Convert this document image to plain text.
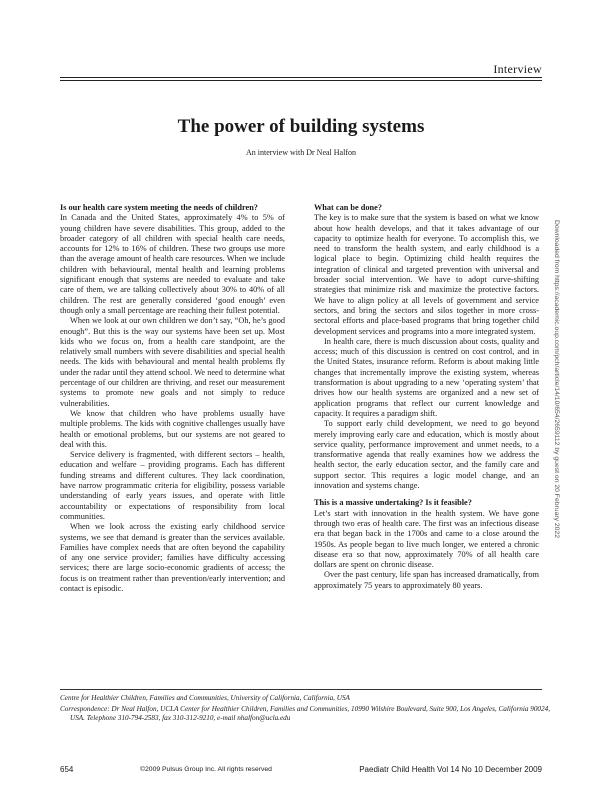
Interview
The power of building systems
An interview with Dr Neal Halfon
Is our health care system meeting the needs of children?

In Canada and the United States, approximately 4% to 5% of young children have severe disabilities. This group, added to the broader category of all children with special health care needs, accounts for 12% to 16% of children. These two groups use more than the average amount of health care resources. When we include children with behavioural, mental health and learning problems significant enough that systems are needed to evaluate and take care of them, we are talking collectively about 30% to 40% of all children. The rest are generally considered ‘good enough’ even though only a small percentage are reaching their fullest potential.

When we look at our own children we don’t say, “Oh, he’s good enough”. But this is the way our systems have been set up. Most kids who we focus on, from a health care standpoint, are the relatively small numbers with severe disabilities and special health needs. The kids with behavioural and mental health problems fly under the radar until they attend school. We need to determine what percentage of our children are thriving, and reset our measurement systems to promote new goals and not simply to reduce vulnerabilities.

We know that children who have problems usually have multiple problems. The kids with cognitive challenges usually have health or emotional problems, but our systems are not geared to deal with this.

Service delivery is fragmented, with different sectors – health, education and welfare – providing programs. Each has different funding streams and different cultures. They lack coordination, have narrow programmatic criteria for eligibility, possess variable understanding of early years issues, and operate with little accountability or expectations of responsibility from local communities.

When we look across the existing early childhood service systems, we see that demand is greater than the services available. Families have complex needs that are often beyond the capability of any one service provider; families have difficulty accessing services; there are large socio-economic gradients of access; the focus is on treatment rather than prevention/early intervention; and contact is episodic.

What can be done?

The key is to make sure that the system is based on what we know about how health develops, and that it takes advantage of our capacity to optimize health for everyone. To accomplish this, we need to transform the health system, and early childhood is a logical place to begin. Optimizing child health requires the integration of clinical and targeted prevention with universal and broader social intervention. We have to adopt curve-shifting strategies that minimize risk and maximize the protective factors. We have to align policy at all levels of government and service sectors, and bring the sectors and silos together in more cross-sectoral efforts and place-based programs that bring together child development services and programs into a more integrated system.

In health care, there is much discussion about costs, quality and access; much of this discussion is centred on cost control, and in the United States, insurance reform. Reform is about making little changes that incrementally improve the existing system, whereas transformation is about upgrading to a new ‘operating system’ that drives how our health systems are organized and a new set of application programs that reflect our current knowledge and capacity. It requires a paradigm shift.

To support early child development, we need to go beyond merely improving early care and education, which is mostly about service quality, performance improvement and unmet needs, to a transformative agenda that really examines how we address the health sector, the early education sector, and the family care and support sector. This requires a logic model change, and an innovation and systems change.

This is a massive undertaking? Is it feasible?

Let’s start with innovation in the health system. We have gone through two eras of health care. The first was an infectious disease era that began back in the 1700s and came to a close around the 1950s. As people began to live much longer, we entered a chronic disease era so that now, approximately 70% of all health care dollars are spent on chronic disease.

Over the past century, life span has increased dramatically, from approximately 75 years to approximately 80 years.

Downloaded from https://academic.oup.com/pch/article/14/10/654/2659112 by guest on 20 February 2022
Centre for Healthier Children, Families and Communities, University of California, California, USA
Correspondence: Dr Neal Halfon, UCLA Center for Healthier Children, Families and Communities, 10990 Wilshire Boulevard, Suite 900, Los Angeles, California 90024, USA. Telephone 310-794-2583, fax 310-312-9210, e-mail nhalfon@ucla.edu
654	©2009 Pulsus Group Inc. All rights reserved	Paediatr Child Health Vol 14 No 10 December 2009
